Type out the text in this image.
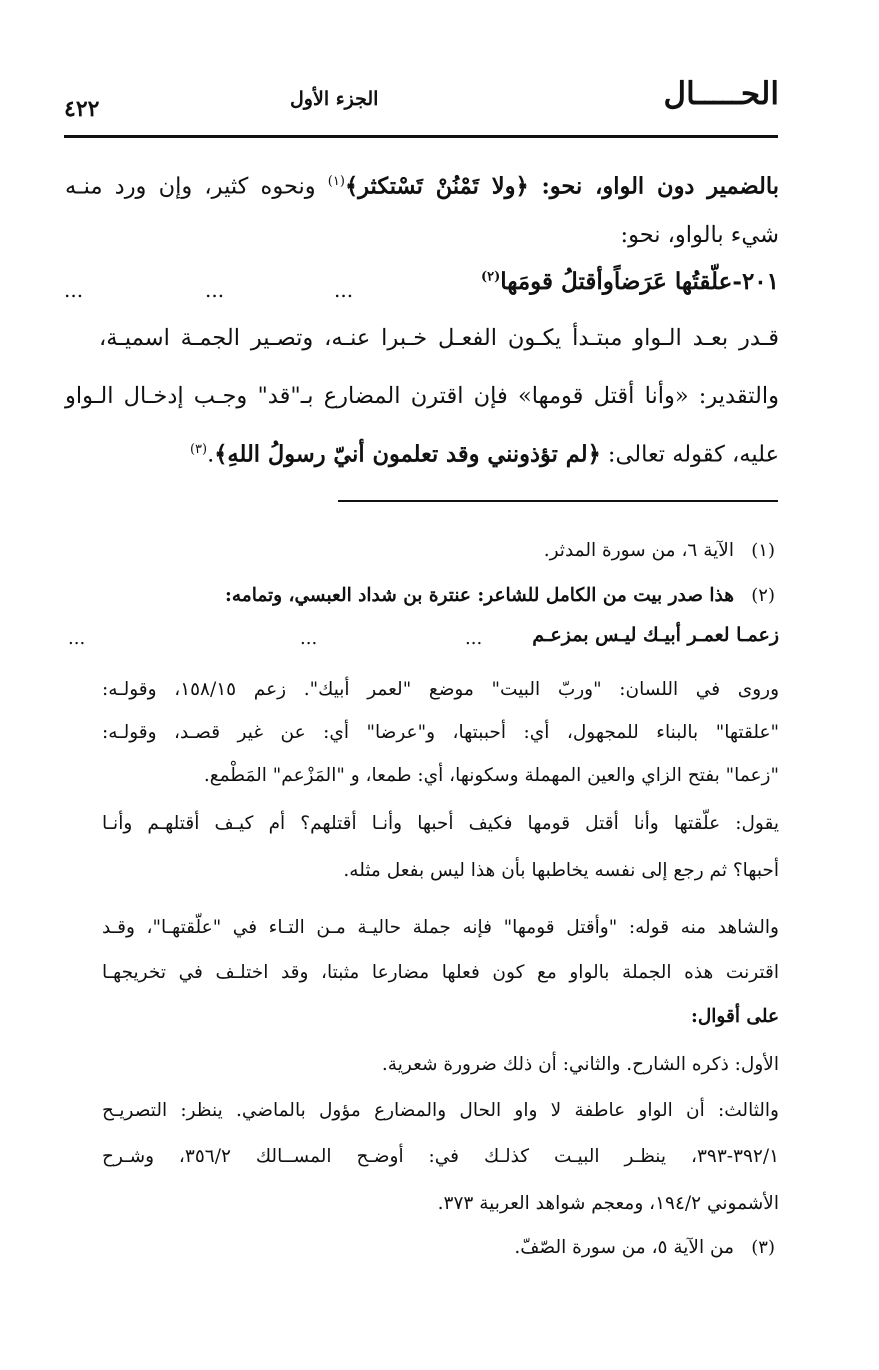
الحـــــال
الجزء الأول
٤٢٢
بالضمير دون الواو، نحو: ﴿ولا تَمْنُنْ تَسْتكثر﴾$^{(١)}$ ونحوه كثير، وإن ورد منـه
شيء بالواو، نحو:
٢٠١-علّقتُها عَرَضاًوأقتلُ قومَها$^{(٢)}$
...
...
...
قـدر بعـد الـواو مبتـدأ يكـون الفعـل خـبرا عنـه، وتصـير الجمـة اسميـة،
والتقدير: «وأنا أقتل قومها» فإن اقترن المضارع بـ"قد" وجـب إدخـال الـواو
عليه، كقوله تعالى: ﴿لم تؤذونني وقد تعلمون أنيّ رسولُ اللهِ﴾.$^{(٣)}$
(١)
الآية ٦، من سورة المدثر.
(٢)
هذا صدر بيت من الكامل للشاعر: عنترة بن شداد العبسي، وتمامه:
زعمـا لعمـر أبيـك ليـس بمزعـم
...
...
...
وروى في اللسان: "وربّ البيت" موضع "لعمر أبيك". زعم ١٥٨/١٥، وقولـه:
"علقتها" بالبناء للمجهول، أي: أحببتها، و"عرضا" أي: عن غير قصـد، وقولـه:
"زعما" بفتح الزاي والعين المهملة وسكونها، أي: طمعا، و "المَزْعم" المَطْمع.
يقول: علّقتها وأنا أقتل قومها فكيف أحبها وأنـا أقتلهم؟ أم كيـف أقتلهـم وأنـا
أحبها؟ ثم رجع إلى نفسه يخاطبها بأن هذا ليس بفعل مثله.
والشاهد منه قوله: "وأقتل قومها" فإنه جملة حاليـة مـن التـاء في "علّقتهـا"، وقـد
اقترنت هذه الجملة بالواو مع كون فعلها مضارعا مثبتا، وقد اختلـف في تخريجهـا
على أقوال:
الأول: ذكره الشارح. والثاني: أن ذلك ضرورة شعرية.
والثالث: أن الواو عاطفة لا واو الحال والمضارع مؤول بالماضي. ينظر: التصريـح
٣٩٢/١-٣٩٣، ينظـر البيـت كذلـك في: أوضـح المســالك ٣٥٦/٢، وشـرح
الأشموني ١٩٤/٢، ومعجم شواهد العربية ٣٧٣.
(٣)
من الآية ٥، من سورة الصّفّ.
